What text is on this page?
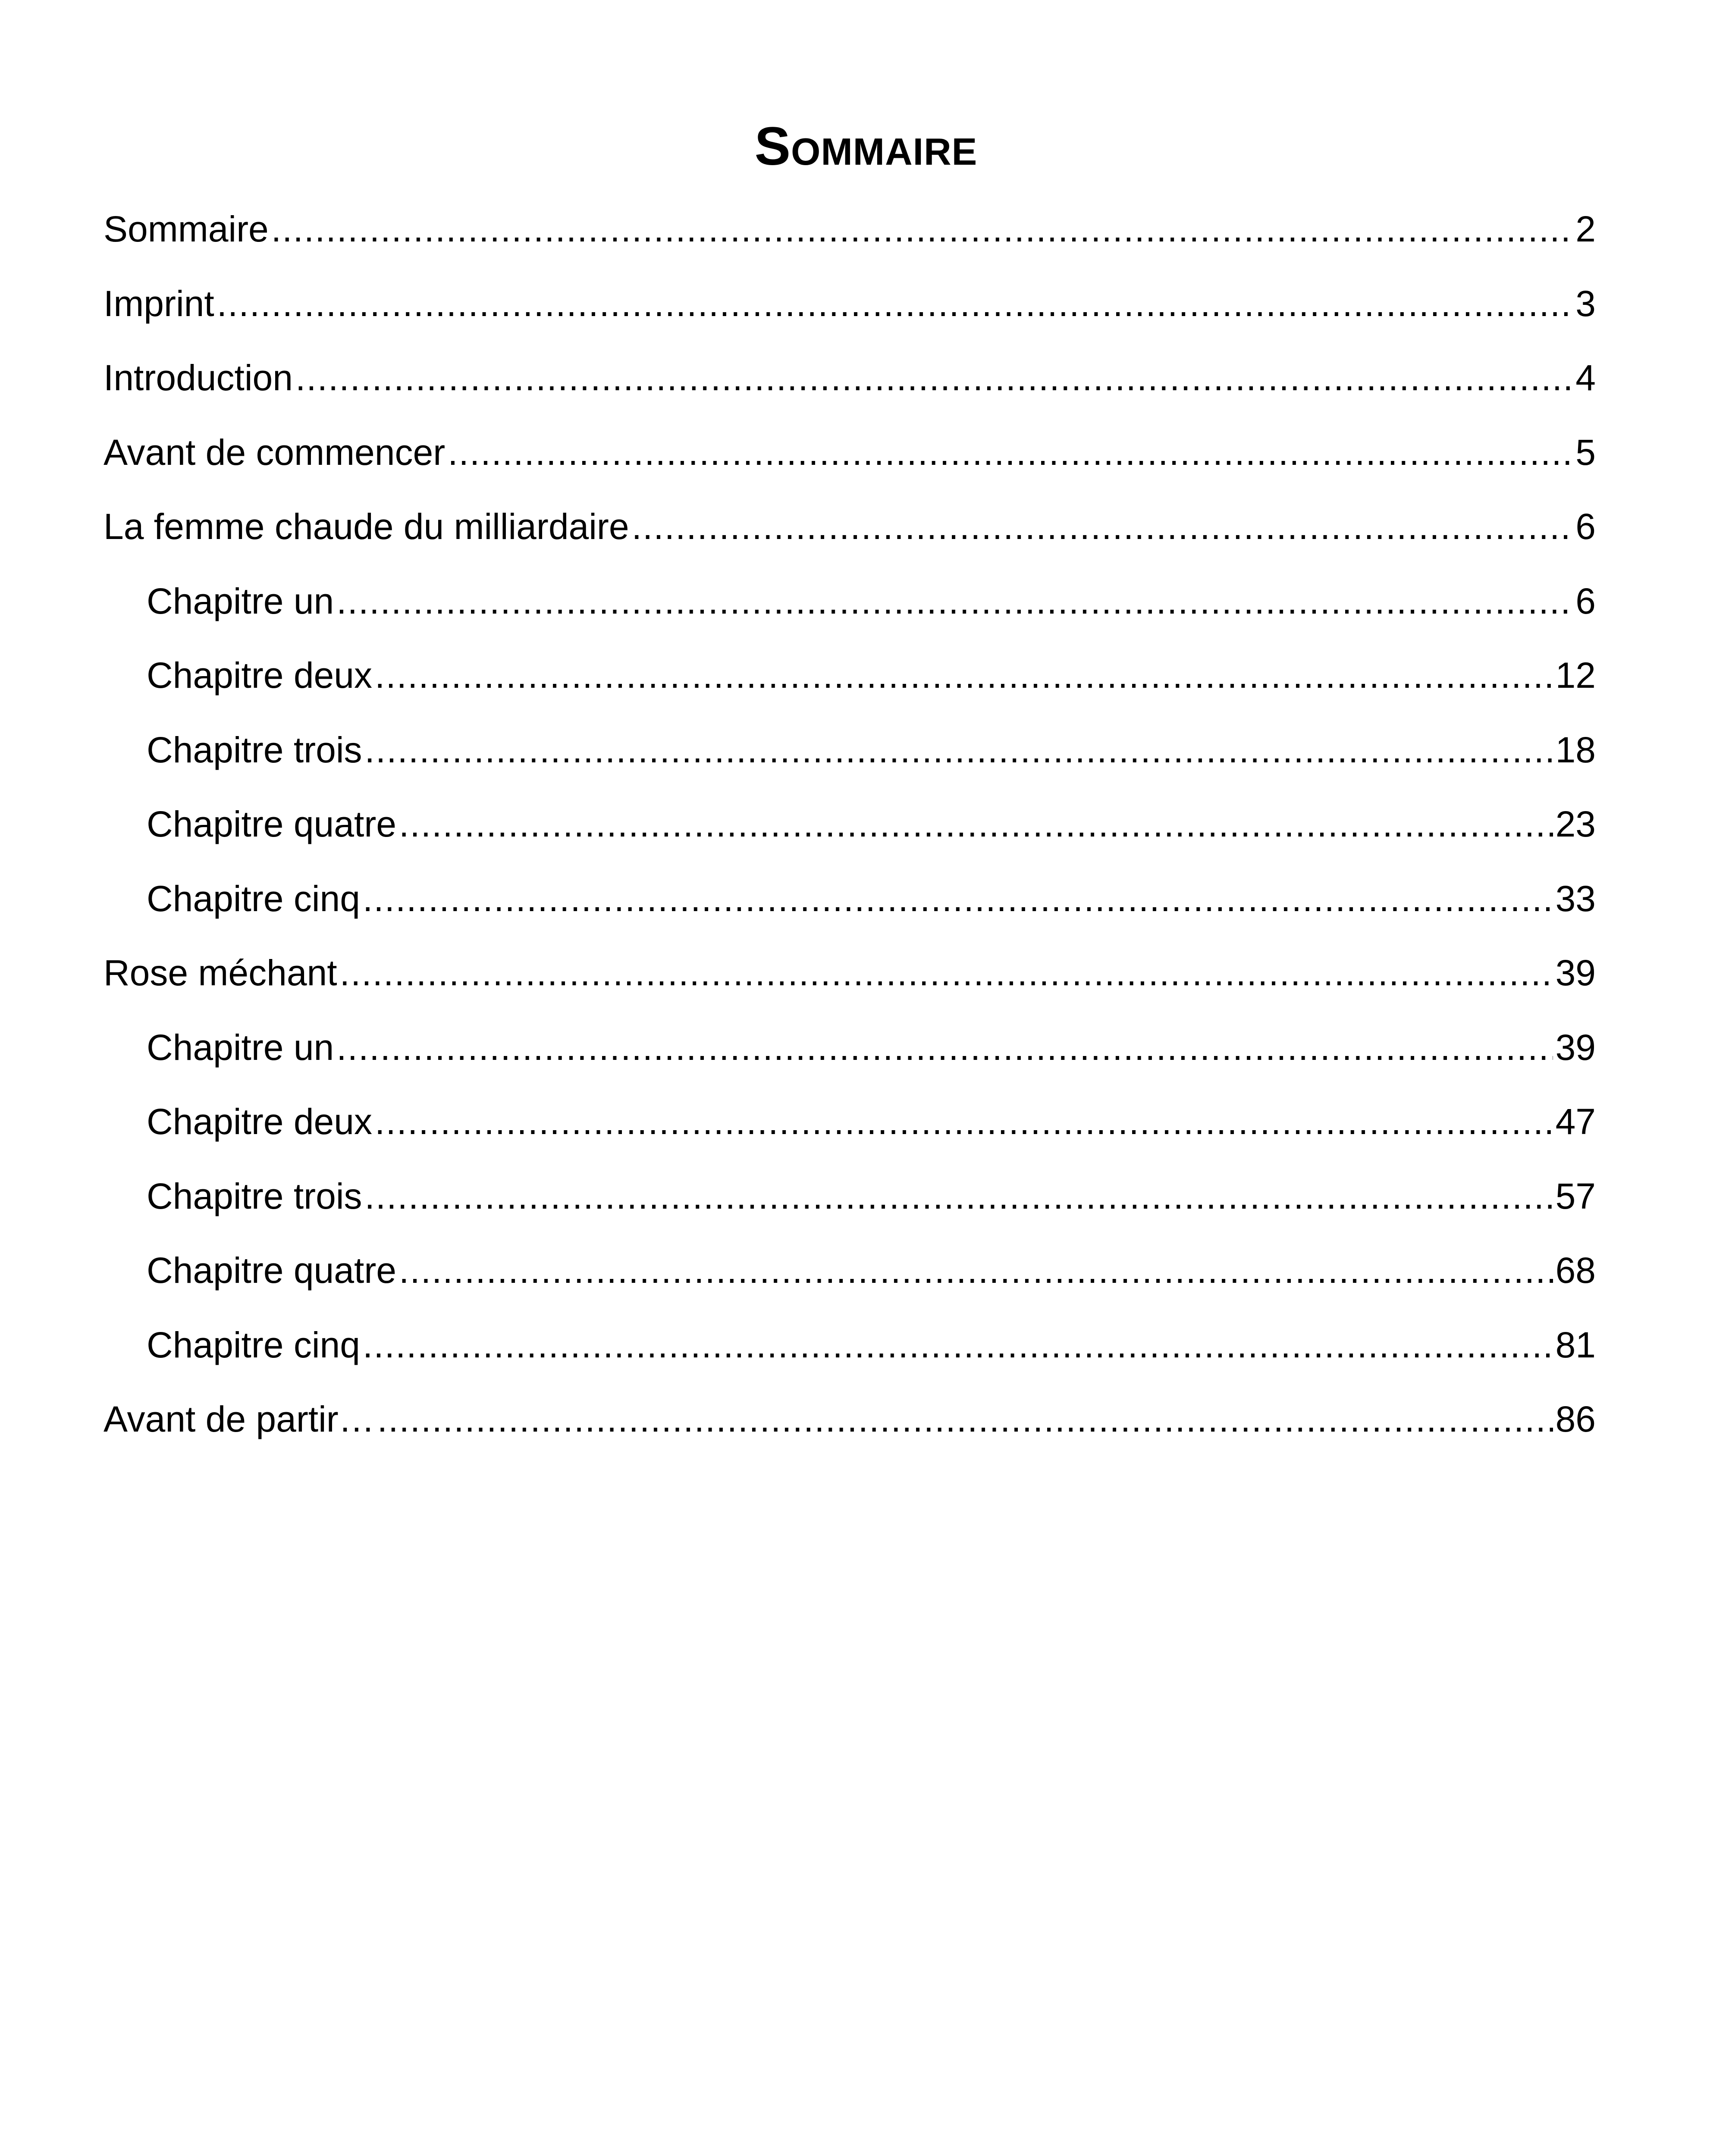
Sommaire
Sommaire .....	2
Imprint .....	3
Introduction .....	4
Avant de commencer .....	5
La femme chaude du milliardaire .....	6
Chapitre un .....	6
Chapitre deux .....	12
Chapitre trois .....	18
Chapitre quatre .....	23
Chapitre cinq .....	33
Rose méchant .....	39
Chapitre un .....	39
Chapitre deux .....	47
Chapitre trois .....	57
Chapitre quatre .....	68
Chapitre cinq .....	81
Avant de partir… .....	86
